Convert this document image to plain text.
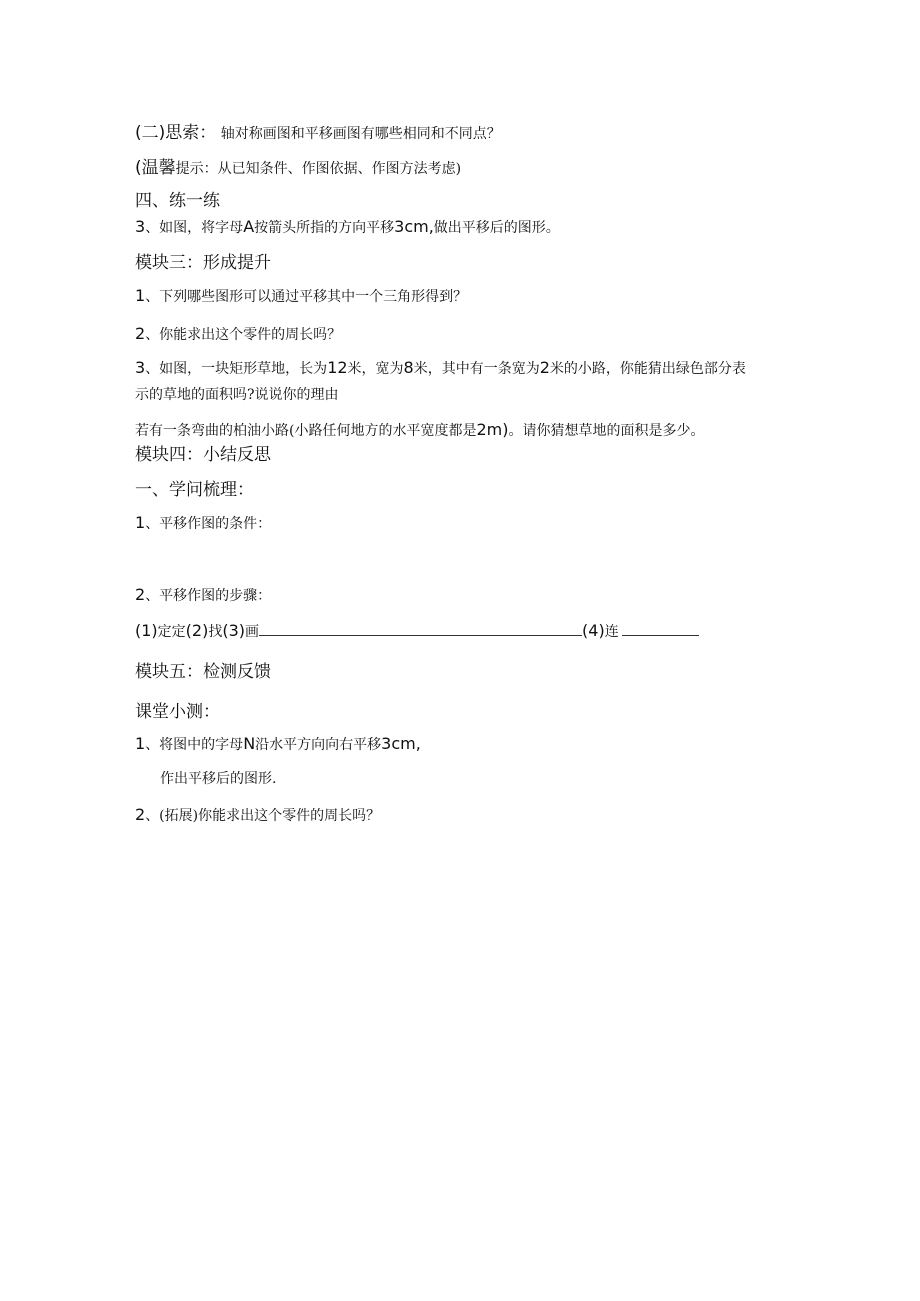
(二)思索： 轴对称画图和平移画图有哪些相同和不同点？
(温馨提示：从已知条件、作图依据、作图方法考虑)
四、练一练
3、如图，将字母A按箭头所指的方向平移3cm,做出平移后的图形。
模块三：形成提升
1、下列哪些图形可以通过平移其中一个三角形得到？
2、你能求出这个零件的周长吗？
3、如图，一块矩形草地，长为12米，宽为8米，其中有一条宽为2米的小路，你能猜出绿色部分表
示的草地的面积吗?说说你的理由
若有一条弯曲的柏油小路(小路任何地方的水平宽度都是2m)。请你猜想草地的面积是多少。
模块四：小结反思
一、学问梳理：
1、平移作图的条件：
2、平移作图的步骤：
(1)定定(2)找(3)画	(4)连
模块五：检测反馈
课堂小测：
1、将图中的字母N沿水平方向向右平移3cm,
作出平移后的图形.
2、(拓展)你能求出这个零件的周长吗？
